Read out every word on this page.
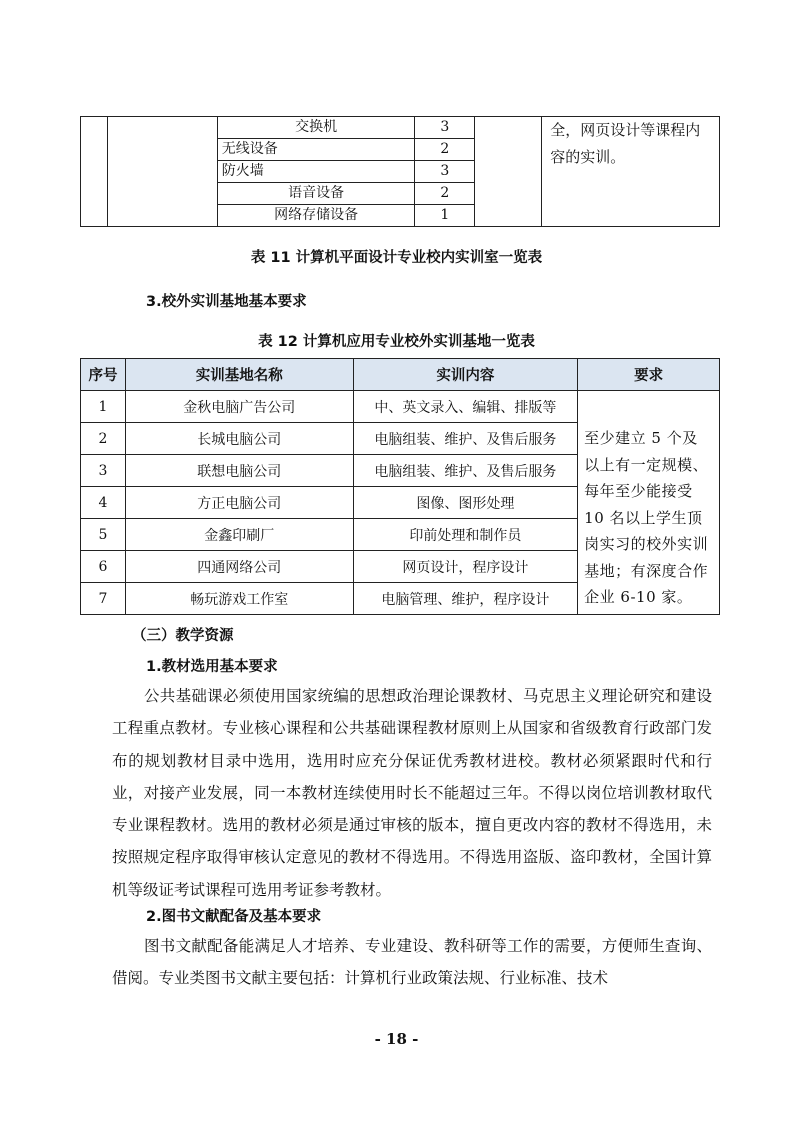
		交换机	3		全，网页设计等课程内容的实训。
		无线设备	2		
		防火墙	3		
		语音设备	2		
		网络存储设备	1		
表 11 计算机平面设计专业校内实训室一览表
3.校外实训基地基本要求
表 12 计算机应用专业校外实训基地一览表
序号	实训基地名称	实训内容	要求
1	金秋电脑广告公司	中、英文录入、编辑、排版等	至少建立 5 个及以上有一定规模、每年至少能接受 10 名以上学生顶岗实习的校外实训基地；有深度合作企业 6-10 家。
2	长城电脑公司	电脑组装、维护、及售后服务	
3	联想电脑公司	电脑组装、维护、及售后服务	
4	方正电脑公司	图像、图形处理	
5	金鑫印刷厂	印前处理和制作员	
6	四通网络公司	网页设计，程序设计	
7	畅玩游戏工作室	电脑管理、维护，程序设计	
（三）教学资源
1.教材选用基本要求

公共基础课必须使用国家统编的思想政治理论课教材、马克思主义理论研究和建设工程重点教材。专业核心课程和公共基础课程教材原则上从国家和省级教育行政部门发布的规划教材目录中选用，选用时应充分保证优秀教材进校。教材必须紧跟时代和行业，对接产业发展，同一本教材连续使用时长不能超过三年。不得以岗位培训教材取代专业课程教材。选用的教材必须是通过审核的版本，擅自更改内容的教材不得选用，未按照规定程序取得审核认定意见的教材不得选用。不得选用盗版、盗印教材，全国计算机等级证考试课程可选用考证参考教材。

2.图书文献配备及基本要求

图书文献配备能满足人才培养、专业建设、教科研等工作的需要，方便师生查询、借阅。专业类图书文献主要包括：计算机行业政策法规、行业标准、技术

- 18 -
